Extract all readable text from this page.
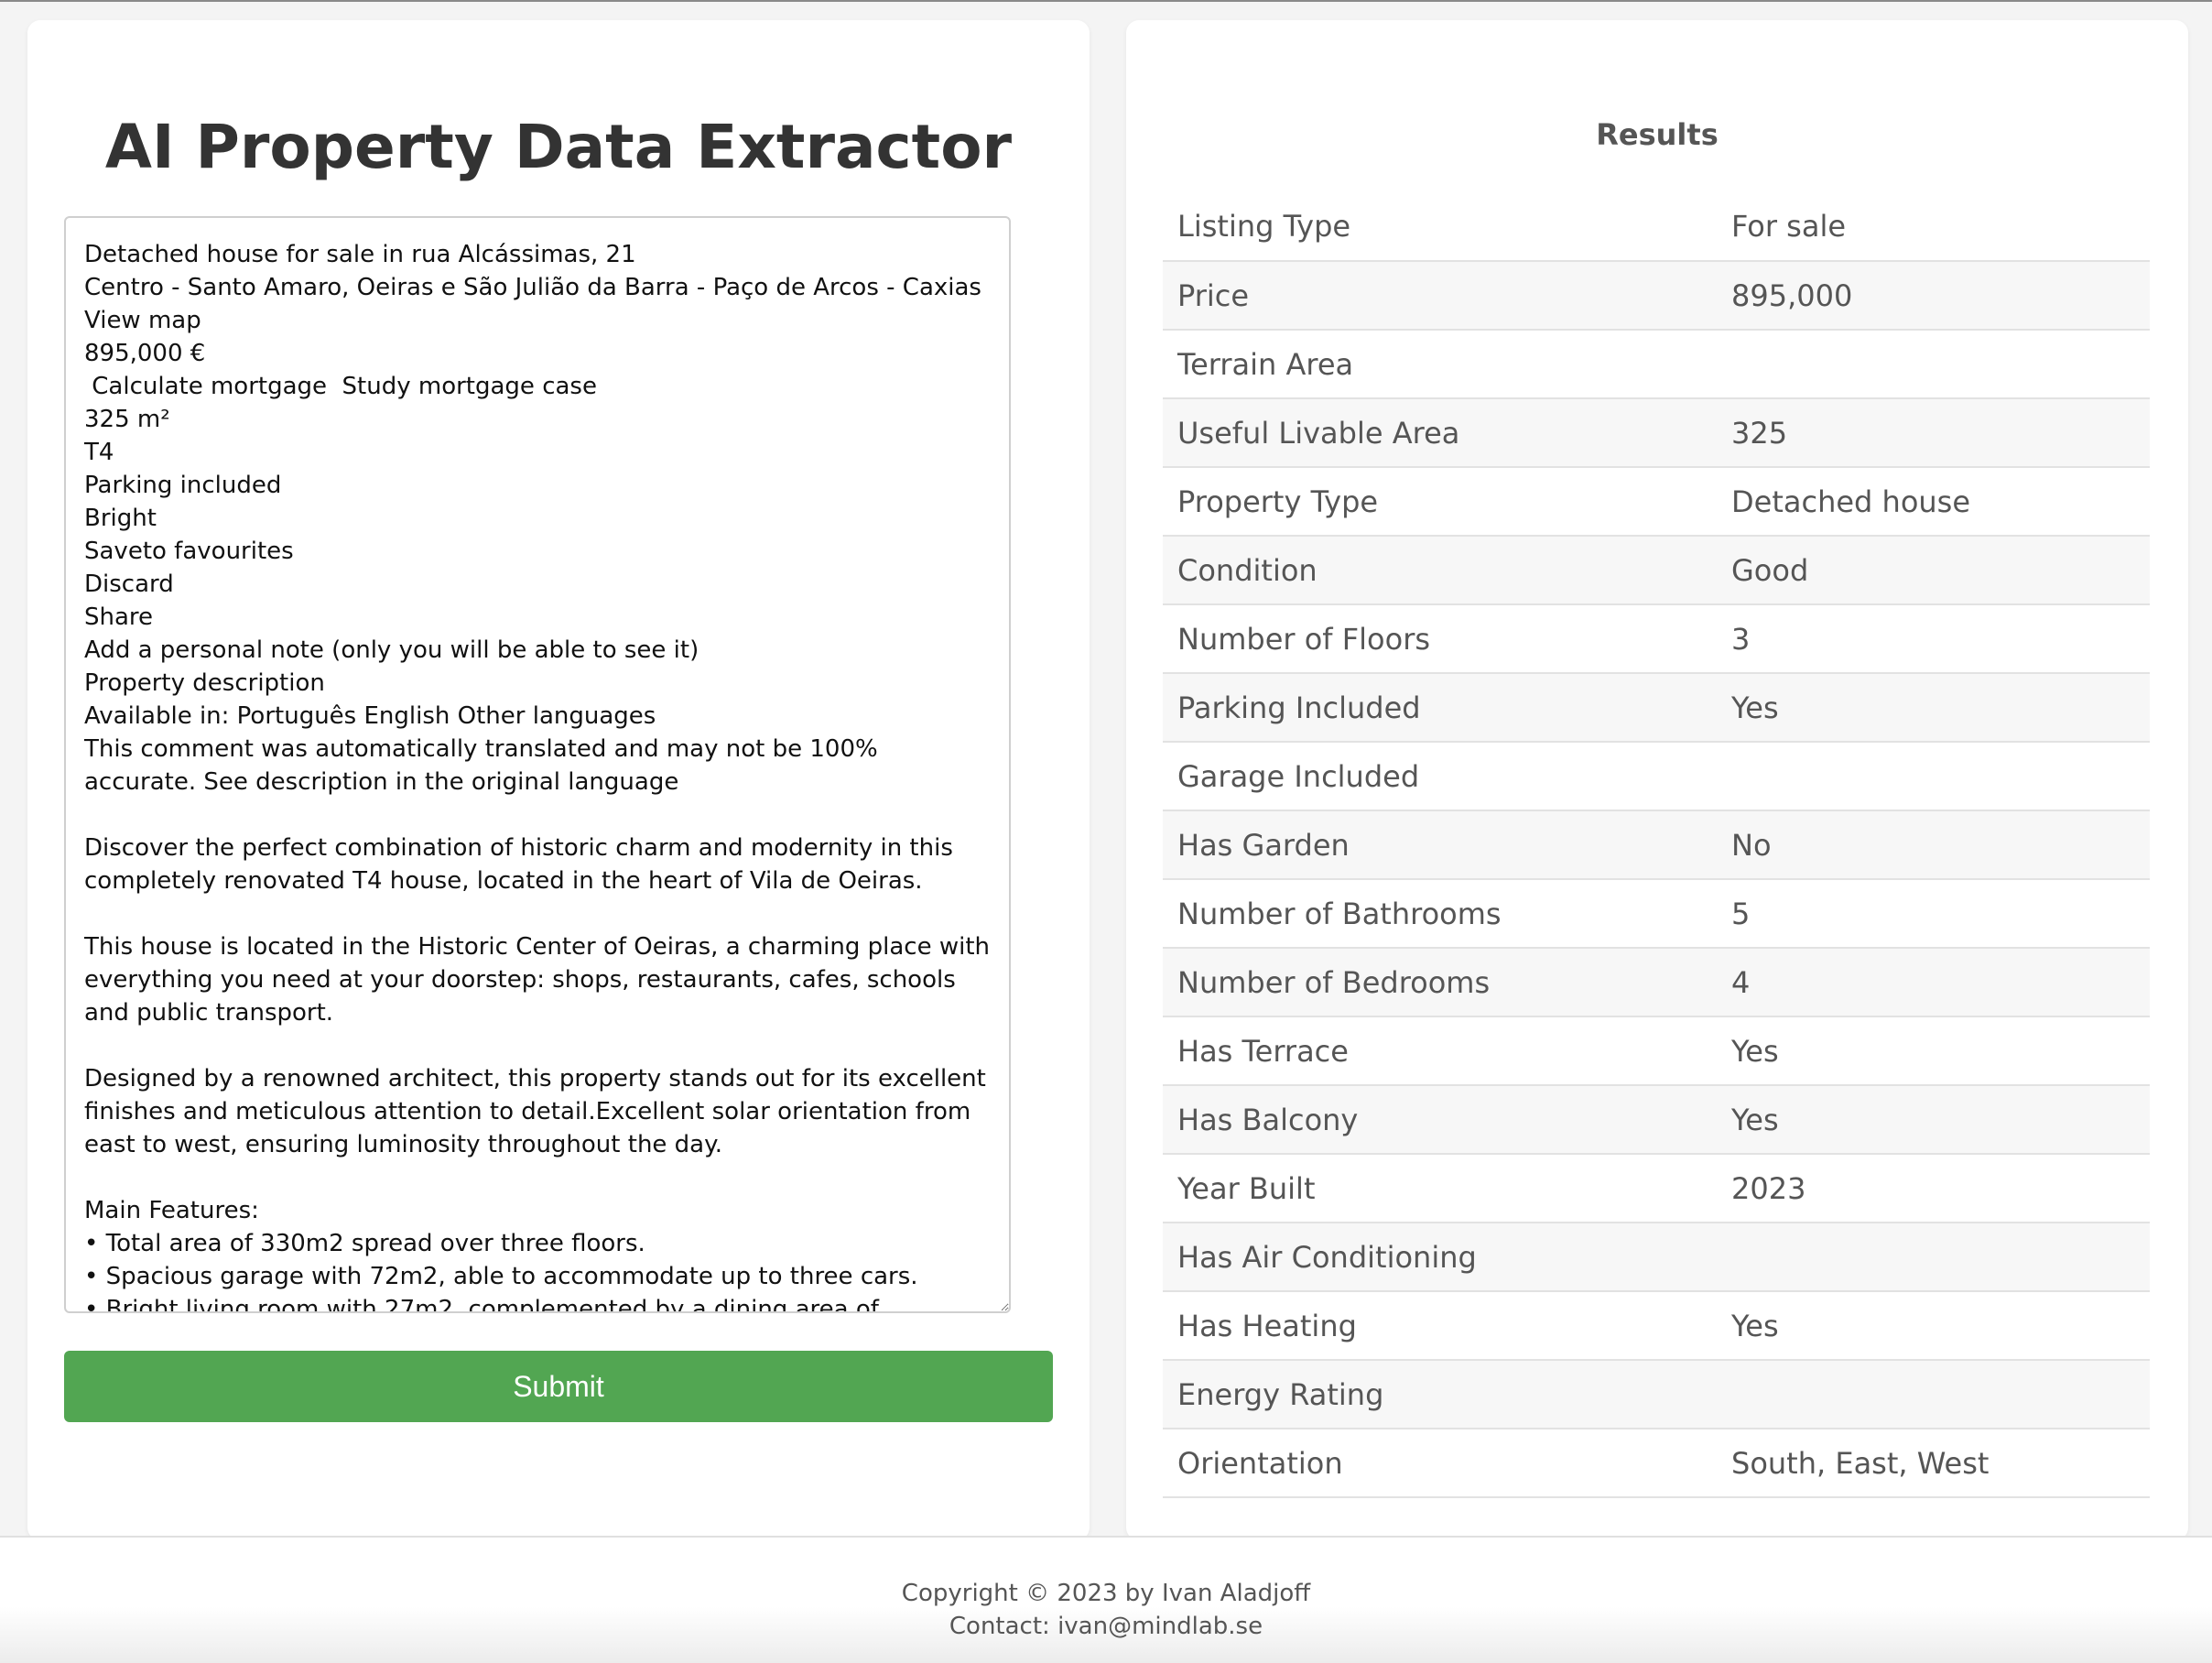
AI Property Data Extractor
Detached house for sale in rua Alcássimas, 21 Centro - Santo Amaro, Oeiras e São Julião da Barra - Paço de Arcos - Caxias View map 895,000 € Calculate mortgage Study mortgage case 325 m² T4 Parking included Bright Saveto favourites Discard Share Add a personal note (only you will be able to see it) Property description Available in: Português English Other languages This comment was automatically translated and may not be 100% accurate. See description in the original language Discover the perfect combination of historic charm and modernity in this completely renovated T4 house, located in the heart of Vila de Oeiras. This house is located in the Historic Center of Oeiras, a charming place with everything you need at your doorstep: shops, restaurants, cafes, schools and public transport. Designed by a renowned architect, this property stands out for its excellent finishes and meticulous attention to detail.Excellent solar orientation from east to west, ensuring luminosity throughout the day. Main Features: • Total area of 330m2 spread over three floors. • Spacious garage with 72m2, able to accommodate up to three cars. • Bright living room with 27m2, complemented by a dining area of 12.55m2.
Submit
Results
Listing Type	For sale
Price	895,000
Terrain Area	
Useful Livable Area	325
Property Type	Detached house
Condition	Good
Number of Floors	3
Parking Included	Yes
Garage Included	
Has Garden	No
Number of Bathrooms	5
Number of Bedrooms	4
Has Terrace	Yes
Has Balcony	Yes
Year Built	2023
Has Air Conditioning	
Has Heating	Yes
Energy Rating	
Orientation	South, East, West
Copyright © 2023 by Ivan Aladjoff
Contact: ivan@mindlab.se
